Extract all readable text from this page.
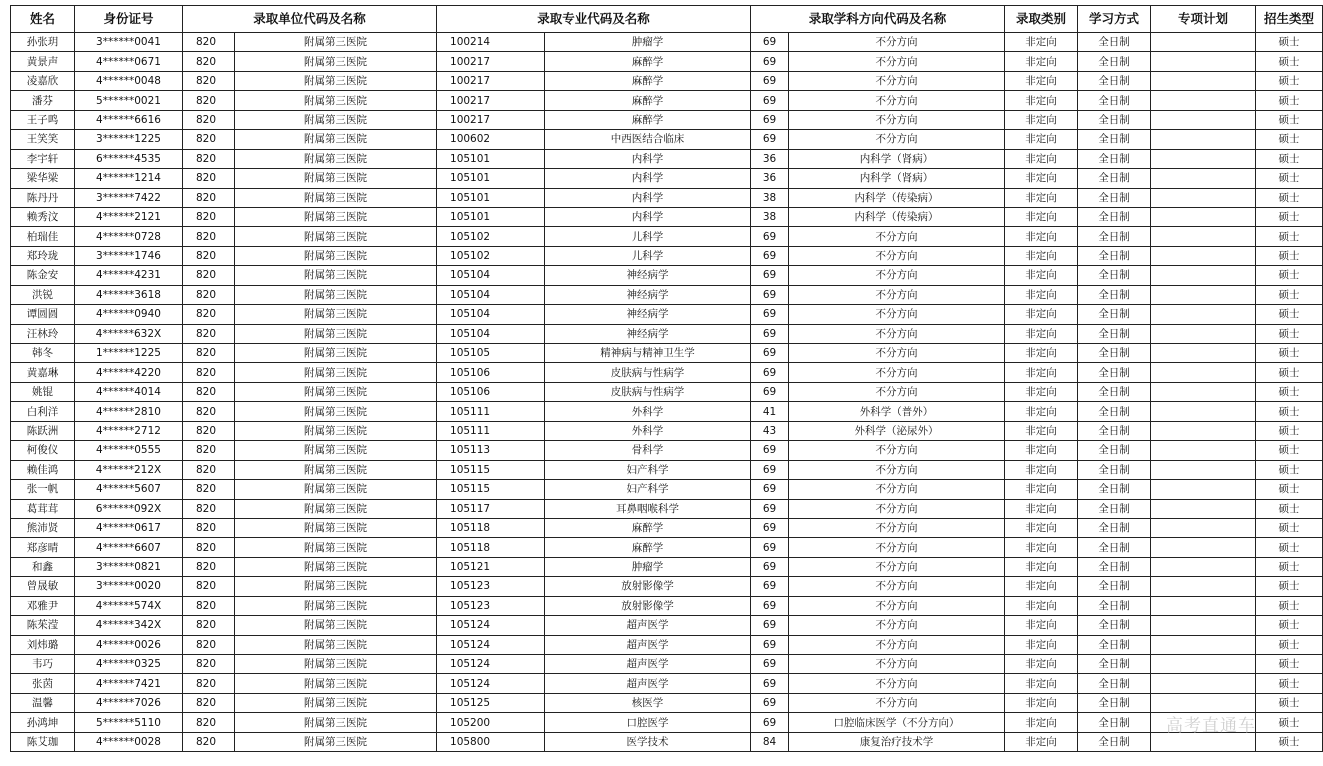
姓名	身份证号	录取单位代码及名称		录取专业代码及名称		录取学科方向代码及名称		录取类别	学习方式	专项计划	招生类型
孙张玥	3******0041	820	附属第三医院	100214	肿瘤学	69	不分方向	非定向	全日制		硕士
黄景声	4******0671	820	附属第三医院	100217	麻醉学	69	不分方向	非定向	全日制		硕士
凌嘉欣	4******0048	820	附属第三医院	100217	麻醉学	69	不分方向	非定向	全日制		硕士
潘芬	5******0021	820	附属第三医院	100217	麻醉学	69	不分方向	非定向	全日制		硕士
王子鸣	4******6616	820	附属第三医院	100217	麻醉学	69	不分方向	非定向	全日制		硕士
王笑笑	3******1225	820	附属第三医院	100602	中西医结合临床	69	不分方向	非定向	全日制		硕士
李宇轩	6******4535	820	附属第三医院	105101	内科学	36	内科学（肾病）	非定向	全日制		硕士
梁华梁	4******1214	820	附属第三医院	105101	内科学	36	内科学（肾病）	非定向	全日制		硕士
陈丹丹	3******7422	820	附属第三医院	105101	内科学	38	内科学（传染病）	非定向	全日制		硕士
赖秀汶	4******2121	820	附属第三医院	105101	内科学	38	内科学（传染病）	非定向	全日制		硕士
柏瑞佳	4******0728	820	附属第三医院	105102	儿科学	69	不分方向	非定向	全日制		硕士
郑玲珑	3******1746	820	附属第三医院	105102	儿科学	69	不分方向	非定向	全日制		硕士
陈金安	4******4231	820	附属第三医院	105104	神经病学	69	不分方向	非定向	全日制		硕士
洪锐	4******3618	820	附属第三医院	105104	神经病学	69	不分方向	非定向	全日制		硕士
谭圆圆	4******0940	820	附属第三医院	105104	神经病学	69	不分方向	非定向	全日制		硕士
汪林玲	4******632X	820	附属第三医院	105104	神经病学	69	不分方向	非定向	全日制		硕士
韩冬	1******1225	820	附属第三医院	105105	精神病与精神卫生学	69	不分方向	非定向	全日制		硕士
黄嘉琳	4******4220	820	附属第三医院	105106	皮肤病与性病学	69	不分方向	非定向	全日制		硕士
姚锟	4******4014	820	附属第三医院	105106	皮肤病与性病学	69	不分方向	非定向	全日制		硕士
白利洋	4******2810	820	附属第三医院	105111	外科学	41	外科学（普外）	非定向	全日制		硕士
陈跃洲	4******2712	820	附属第三医院	105111	外科学	43	外科学（泌尿外）	非定向	全日制		硕士
柯俊仪	4******0555	820	附属第三医院	105113	骨科学	69	不分方向	非定向	全日制		硕士
赖佳鸿	4******212X	820	附属第三医院	105115	妇产科学	69	不分方向	非定向	全日制		硕士
张一帆	4******5607	820	附属第三医院	105115	妇产科学	69	不分方向	非定向	全日制		硕士
葛茸茸	6******092X	820	附属第三医院	105117	耳鼻咽喉科学	69	不分方向	非定向	全日制		硕士
熊沛贤	4******0617	820	附属第三医院	105118	麻醉学	69	不分方向	非定向	全日制		硕士
郑彦晴	4******6607	820	附属第三医院	105118	麻醉学	69	不分方向	非定向	全日制		硕士
和鑫	3******0821	820	附属第三医院	105121	肿瘤学	69	不分方向	非定向	全日制		硕士
曾晟敏	3******0020	820	附属第三医院	105123	放射影像学	69	不分方向	非定向	全日制		硕士
邓雅尹	4******574X	820	附属第三医院	105123	放射影像学	69	不分方向	非定向	全日制		硕士
陈茱滢	4******342X	820	附属第三医院	105124	超声医学	69	不分方向	非定向	全日制		硕士
刘炜璐	4******0026	820	附属第三医院	105124	超声医学	69	不分方向	非定向	全日制		硕士
韦巧	4******0325	820	附属第三医院	105124	超声医学	69	不分方向	非定向	全日制		硕士
张茵	4******7421	820	附属第三医院	105124	超声医学	69	不分方向	非定向	全日制		硕士
温馨	4******7026	820	附属第三医院	105125	核医学	69	不分方向	非定向	全日制		硕士
孙鸿坤	5******5110	820	附属第三医院	105200	口腔医学	69	口腔临床医学（不分方向）	非定向	全日制		硕士
陈艾珈	4******0028	820	附属第三医院	105800	医学技术	84	康复治疗技术学	非定向	全日制		硕士
高考直通车
